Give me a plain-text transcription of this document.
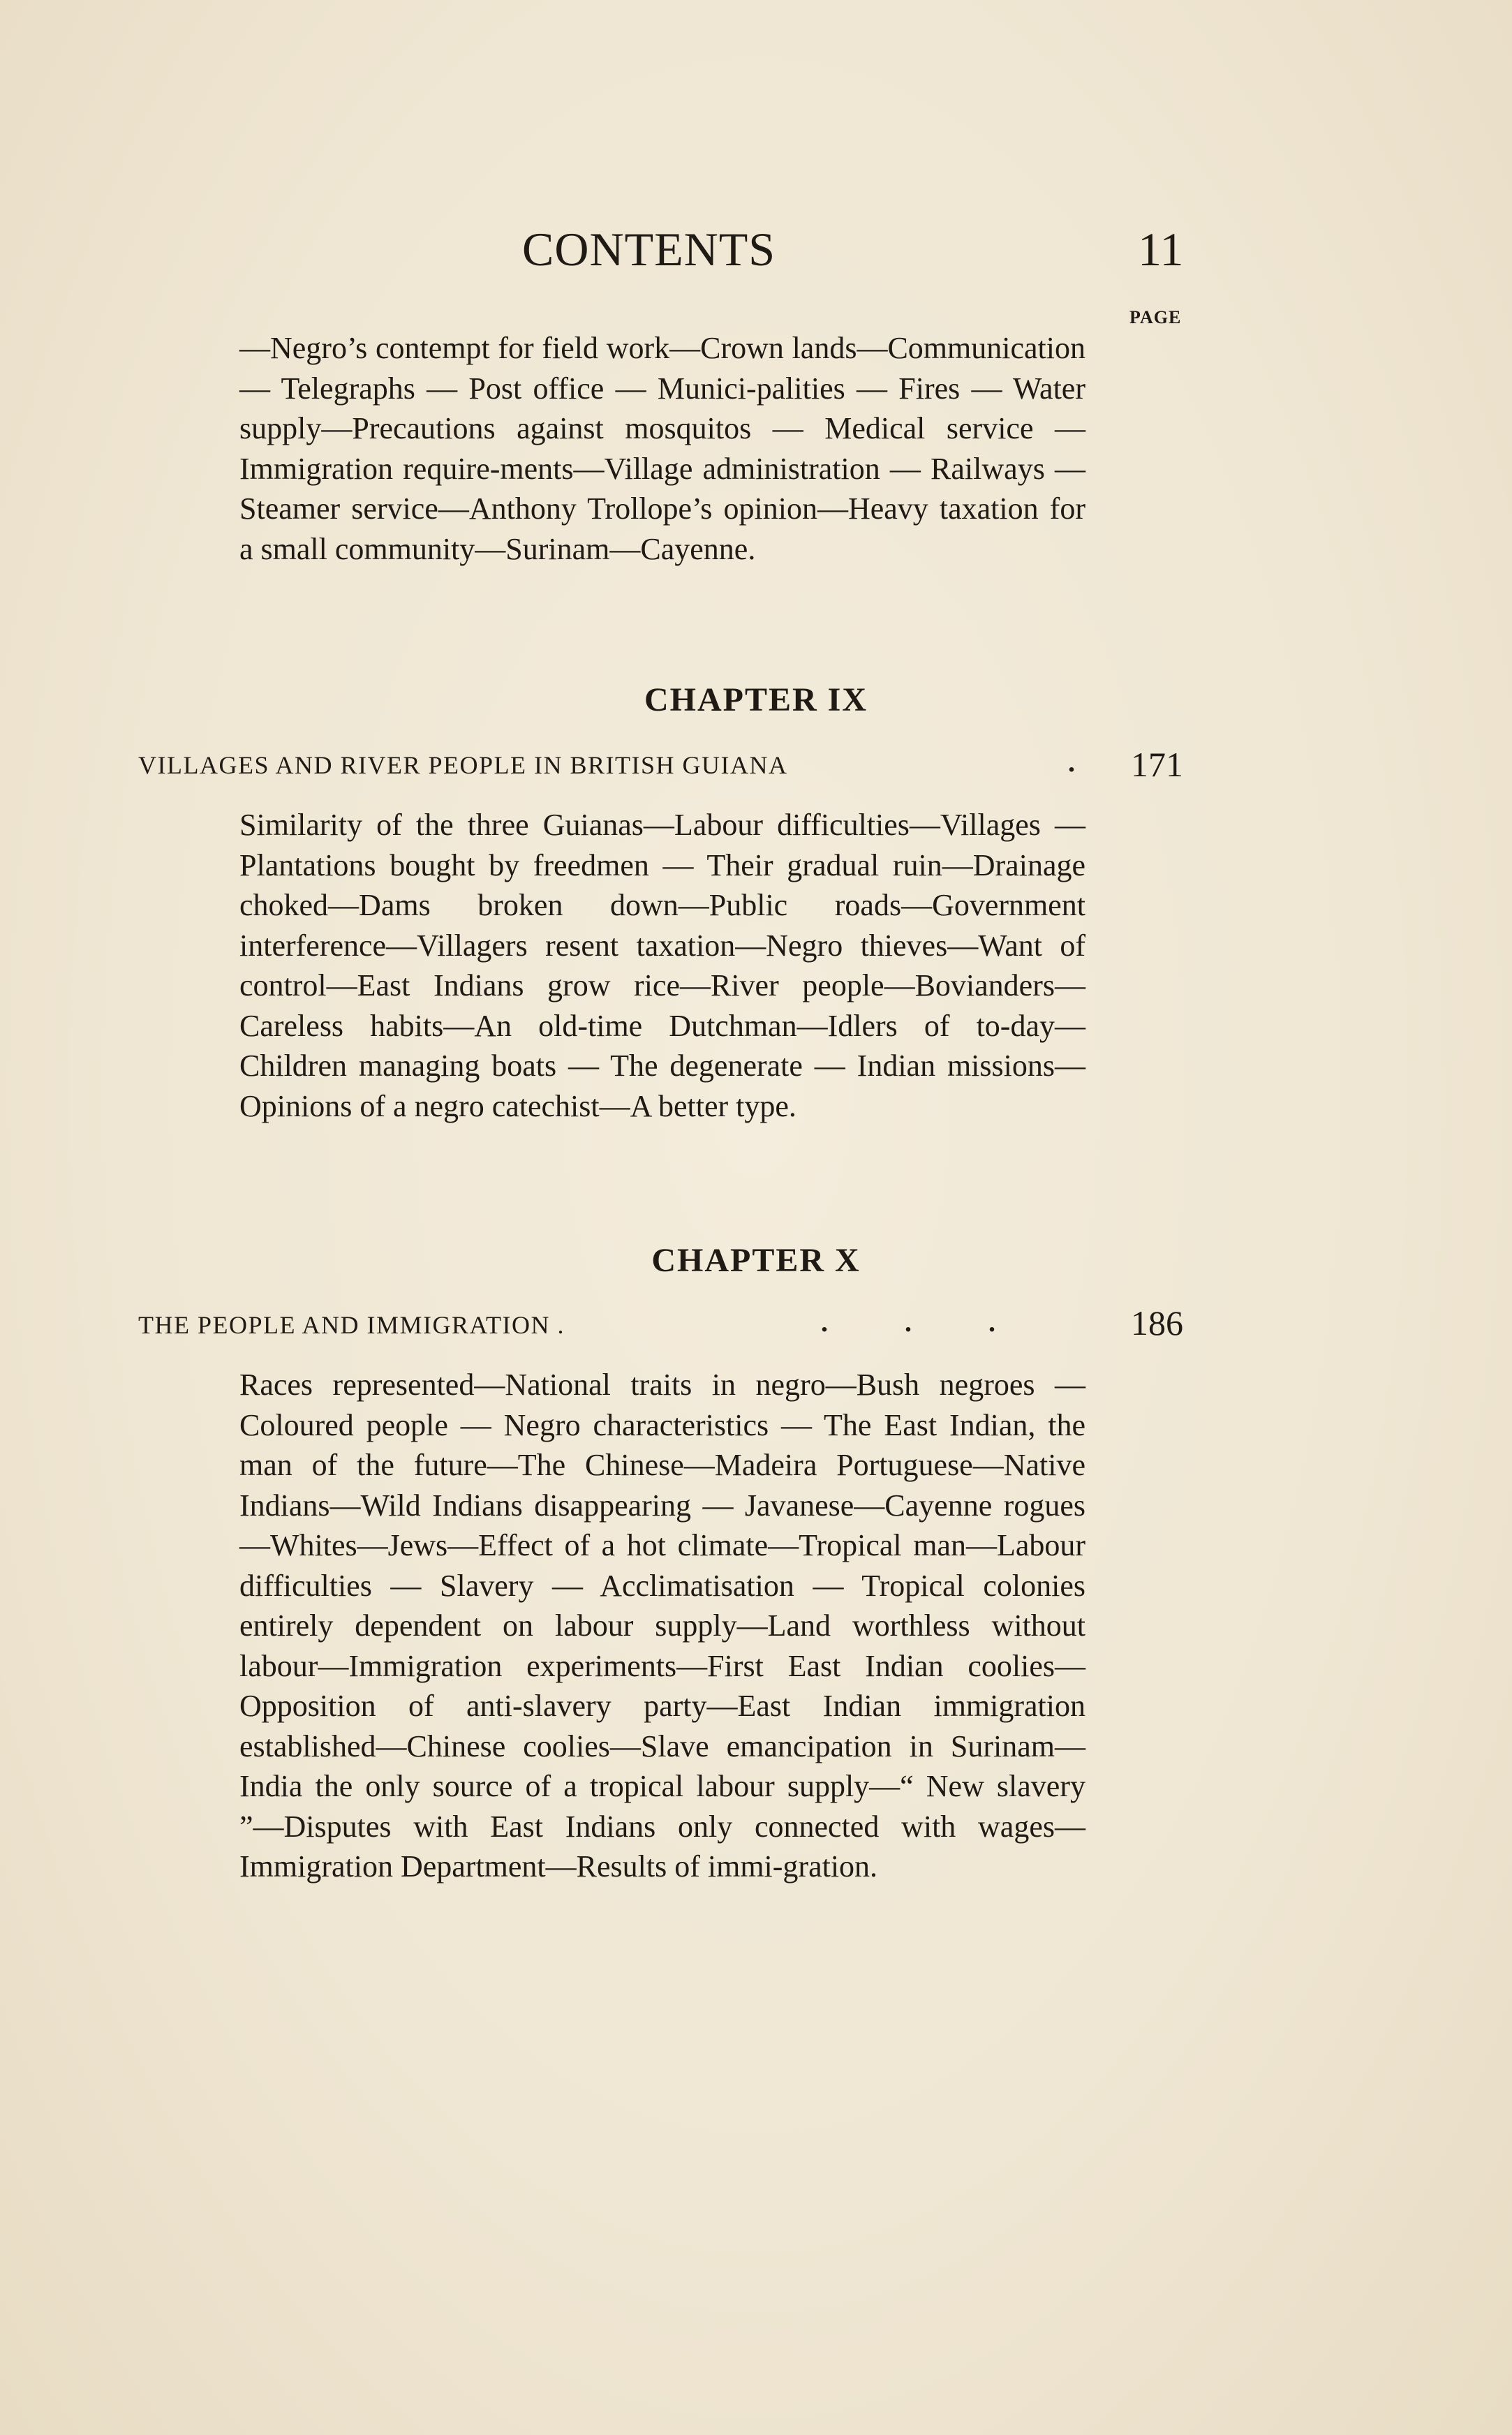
CONTENTS	11
PAGE

—Negro’s contempt for field work—Crown lands—Communication — Telegraphs — Post office — Munici-palities — Fires — Water supply—Precautions against mosquitos — Medical service — Immigration require-ments—Village administration — Railways — Steamer service—Anthony Trollope’s opinion—Heavy taxation for a small community—Surinam—Cayenne.

CHAPTER IX
VILLAGES AND RIVER PEOPLE IN BRITISH GUIANA	. 171

Similarity of the three Guianas—Labour difficulties—Villages — Plantations bought by freedmen — Their gradual ruin—Drainage choked—Dams broken down—Public roads—Government interference—Villagers resent taxation—Negro thieves—Want of control—East Indians grow rice—River people—Bovianders—Careless habits—An old-time Dutchman—Idlers of to-day—Children managing boats — The degenerate — Indian missions—Opinions of a negro catechist—A better type.

CHAPTER X
THE PEOPLE AND IMMIGRATION .	.           .           .	186

Races represented—National traits in negro—Bush negroes — Coloured people — Negro characteristics — The East Indian, the man of the future—The Chinese—Madeira Portuguese—Native Indians—Wild Indians disappearing — Javanese—Cayenne rogues—Whites—Jews—Effect of a hot climate—Tropical man—Labour difficulties — Slavery — Acclimatisation — Tropical colonies entirely dependent on labour supply—Land worthless without labour—Immigration experiments—First East Indian coolies—Opposition of anti-slavery party—East Indian immigration established—Chinese coolies—Slave emancipation in Surinam—India the only source of a tropical labour supply—“ New slavery ”—Disputes with East Indians only connected with wages—Immigration Department—Results of immi-gration.
